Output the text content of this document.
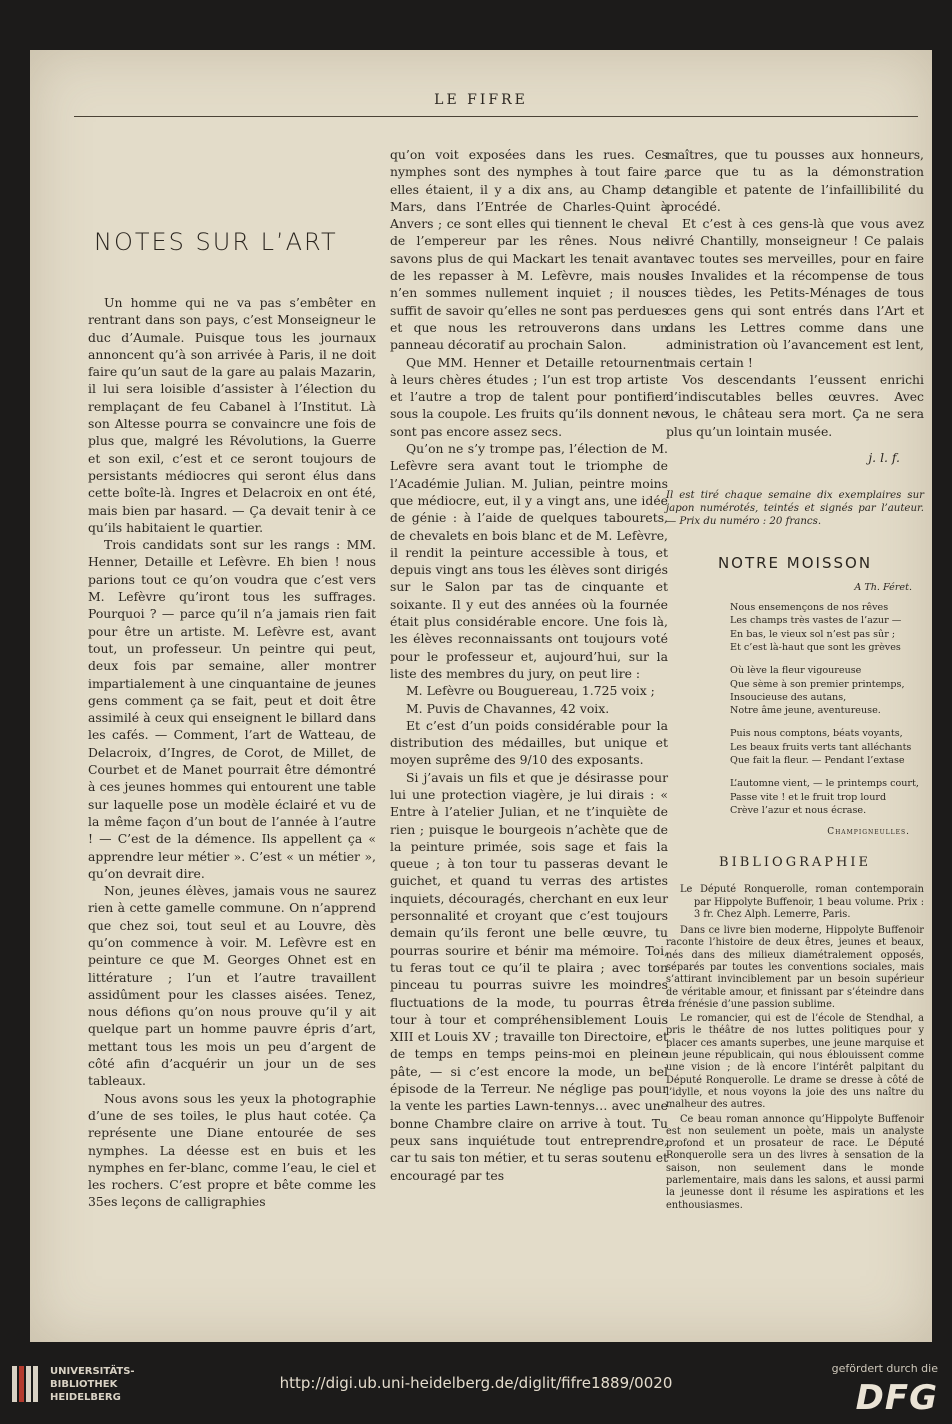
LE FIFRE
NOTES SUR L’ART

Un homme qui ne va pas s’embêter en rentrant dans son pays, c’est Monseigneur le duc d’Aumale. Puisque tous les journaux annoncent qu’à son arrivée à Paris, il ne doit faire qu’un saut de la gare au palais Mazarin, il lui sera loisible d’assister à l’élection du remplaçant de feu Cabanel à l’Institut. Là son Altesse pourra se convaincre une fois de plus que, malgré les Révolutions, la Guerre et son exil, c’est et ce seront toujours de persistants médiocres qui seront élus dans cette boîte-là. Ingres et Delacroix en ont été, mais bien par hasard. — Ça devait tenir à ce qu’ils habitaient le quartier.

Trois candidats sont sur les rangs : MM. Henner, Detaille et Lefèvre. Eh bien ! nous parions tout ce qu’on voudra que c’est vers M. Lefèvre qu’iront tous les suffrages. Pourquoi ? — parce qu’il n’a jamais rien fait pour être un artiste. M. Lefèvre est, avant tout, un professeur. Un peintre qui peut, deux fois par semaine, aller montrer impartialement à une cinquantaine de jeunes gens comment ça se fait, peut et doit être assimilé à ceux qui enseignent le billard dans les cafés. — Comment, l’art de Watteau, de Delacroix, d’Ingres, de Corot, de Millet, de Courbet et de Manet pourrait être démontré à ces jeunes hommes qui entourent une table sur laquelle pose un modèle éclairé et vu de la même façon d’un bout de l’année à l’autre ! — C’est de la démence. Ils appellent ça « apprendre leur métier ». C’est « un métier », qu’on devrait dire.

Non, jeunes élèves, jamais vous ne saurez rien à cette gamelle commune. On n’apprend que chez soi, tout seul et au Louvre, dès qu’on commence à voir. M. Lefèvre est en peinture ce que M. Georges Ohnet est en littérature ; l’un et l’autre travaillent assidûment pour les classes aisées. Tenez, nous défions qu’on nous prouve qu’il y ait quelque part un homme pauvre épris d’art, mettant tous les mois un peu d’argent de côté afin d’acquérir un jour un de ses tableaux.

Nous avons sous les yeux la photographie d’une de ses toiles, le plus haut cotée. Ça représente une Diane entourée de ses nymphes. La déesse est en buis et les nymphes en fer-blanc, comme l’eau, le ciel et les rochers. C’est propre et bête comme les 35es leçons de calligraphies

qu’on voit exposées dans les rues. Ces nymphes sont des nymphes à tout faire ; elles étaient, il y a dix ans, au Champ de Mars, dans l’Entrée de Charles-Quint à Anvers ; ce sont elles qui tiennent le cheval de l’empereur par les rênes. Nous ne savons plus de qui Mackart les tenait avant de les repasser à M. Lefèvre, mais nous n’en sommes nullement inquiet ; il nous suffit de savoir qu’elles ne sont pas perdues et que nous les retrouverons dans un panneau décoratif au prochain Salon.

Que MM. Henner et Detaille retournent à leurs chères études ; l’un est trop artiste et l’autre a trop de talent pour pontifier sous la coupole. Les fruits qu’ils donnent ne sont pas encore assez secs.

Qu’on ne s’y trompe pas, l’élection de M. Lefèvre sera avant tout le triomphe de l’Académie Julian. M. Julian, peintre moins que médiocre, eut, il y a vingt ans, une idée de génie : à l’aide de quelques tabourets, de chevalets en bois blanc et de M. Lefèvre, il rendit la peinture accessible à tous, et depuis vingt ans tous les élèves sont dirigés sur le Salon par tas de cinquante et soixante. Il y eut des années où la fournée était plus considérable encore. Une fois là, les élèves reconnaissants ont toujours voté pour le professeur et, aujourd’hui, sur la liste des membres du jury, on peut lire :

M. Lefèvre ou Bouguereau, 1.725 voix ;

M. Puvis de Chavannes, 42 voix.

Et c’est d’un poids considérable pour la distribution des médailles, but unique et moyen suprême des 9/10 des exposants.

Si j’avais un fils et que je désirasse pour lui une protection viagère, je lui dirais : « Entre à l’atelier Julian, et ne t’inquiète de rien ; puisque le bourgeois n’achète que de la peinture primée, sois sage et fais la queue ; à ton tour tu passeras devant le guichet, et quand tu verras des artistes inquiets, découragés, cherchant en eux leur personnalité et croyant que c’est toujours demain qu’ils feront une belle œuvre, tu pourras sourire et bénir ma mémoire. Toi, tu feras tout ce qu’il te plaira ; avec ton pinceau tu pourras suivre les moindres fluctuations de la mode, tu pourras être tour à tour et compréhensiblement Louis XIII et Louis XV ; travaille ton Directoire, et de temps en temps peins-moi en pleine pâte, — si c’est encore la mode, un bel épisode de la Terreur. Ne néglige pas pour la vente les parties Lawn-tennys… avec une bonne Chambre claire on arrive à tout. Tu peux sans inquiétude tout entreprendre, car tu sais ton métier, et tu seras soutenu et encouragé par tes

maîtres, que tu pousses aux honneurs, parce que tu as la démonstration tangible et patente de l’infaillibilité du procédé.

Et c’est à ces gens-là que vous avez livré Chantilly, monseigneur ! Ce palais avec toutes ses merveilles, pour en faire les Invalides et la récompense de tous ces tièdes, les Petits-Ménages de tous ces gens qui sont entrés dans l’Art et dans les Lettres comme dans une administration où l’avancement est lent, mais certain !

Vos descendants l’eussent enrichi d’indiscutables belles œuvres. Avec vous, le château sera mort. Ça ne sera plus qu’un lointain musée.

j. l. f.
Il est tiré chaque semaine dix exemplaires sur japon numérotés, teintés et signés par l’auteur. — Prix du numéro : 20 francs.
NOTRE MOISSON
A Th. Féret.
Nous ensemençons de nos rêves
Les champs très vastes de l’azur —
En bas, le vieux sol n’est pas sûr ;
Et c’est là-haut que sont les grèves
Où lève la fleur vigoureuse
Que sème à son premier printemps,
Insoucieuse des autans,
Notre âme jeune, aventureuse.
Puis nous comptons, béats voyants,
Les beaux fruits verts tant alléchants
Que fait la fleur. — Pendant l’extase
L’automne vient, — le printemps court,
Passe vite ! et le fruit trop lourd
Crève l’azur et nous écrase.
Champigneulles.
BIBLIOGRAPHIE

Le Député Ronquerolle, roman contemporain par Hippolyte Buffenoir, 1 beau volume. Prix : 3 fr. Chez Alph. Lemerre, Paris.

Dans ce livre bien moderne, Hippolyte Buffenoir raconte l’histoire de deux êtres, jeunes et beaux, nés dans des milieux diamétralement opposés, séparés par toutes les conventions sociales, mais s’attirant invinciblement par un besoin supérieur de véritable amour, et finissant par s’éteindre dans la frénésie d’une passion sublime.

Le romancier, qui est de l’école de Stendhal, a pris le théâtre de nos luttes politiques pour y placer ces amants superbes, une jeune marquise et un jeune républicain, qui nous éblouissent comme une vision ; de là encore l’intérêt palpitant du Député Ronquerolle. Le drame se dresse à côté de l’idylle, et nous voyons la joie des uns naître du malheur des autres.

Ce beau roman annonce qu’Hippolyte Buffenoir est non seulement un poète, mais un analyste profond et un prosateur de race. Le Député Ronquerolle sera un des livres à sensation de la saison, non seulement dans le monde parlementaire, mais dans les salons, et aussi parmi la jeunesse dont il résume les aspirations et les enthousiasmes.

UNIVERSITÄTS-
BIBLIOTHEK
HEIDELBERG
http://digi.ub.uni-heidelberg.de/diglit/fifre1889/0020
gefördert durch die
DFG
